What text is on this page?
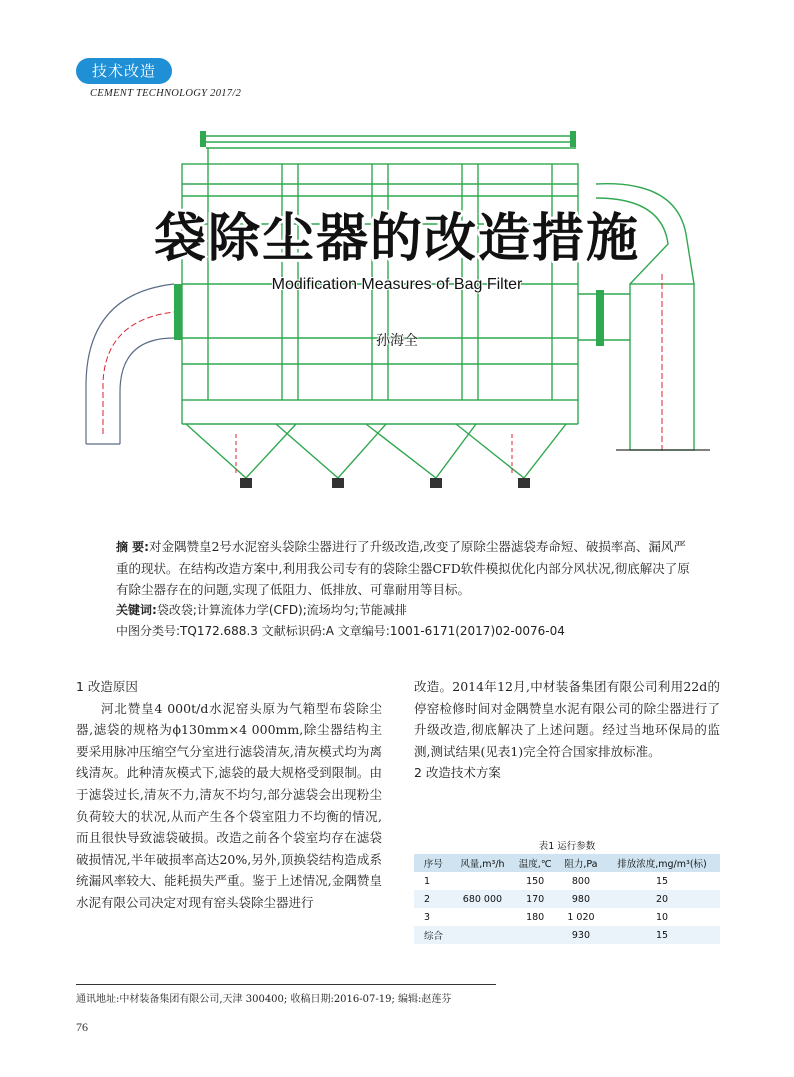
技术改造
CEMENT TECHNOLOGY 2017/2
袋除尘器的改造措施
Modification Measures of Bag Filter
孙海全

摘 要:对金隅赞皇2号水泥窑头袋除尘器进行了升级改造,改变了原除尘器滤袋寿命短、破损率高、漏风严重的现状。在结构改造方案中,利用我公司专有的袋除尘器CFD软件模拟优化内部分风状况,彻底解决了原有除尘器存在的问题,实现了低阻力、低排放、可靠耐用等目标。

关键词:袋改袋;计算流体力学(CFD);流场均匀;节能减排

中图分类号:TQ172.688.3 文献标识码:A 文章编号:1001-6171(2017)02-0076-04

1 改造原因

河北赞皇4 000t/d水泥窑头原为气箱型布袋除尘器,滤袋的规格为ϕ130mm×4 000mm,除尘器结构主要采用脉冲压缩空气分室进行滤袋清灰,清灰模式均为离线清灰。此种清灰模式下,滤袋的最大规格受到限制。由于滤袋过长,清灰不力,清灰不均匀,部分滤袋会出现粉尘负荷较大的状况,从而产生各个袋室阻力不均衡的情况,而且很快导致滤袋破损。改造之前各个袋室均存在滤袋破损情况,半年破损率高达20%,另外,顶换袋结构造成系统漏风率较大、能耗损失严重。鉴于上述情况,金隅赞皇水泥有限公司决定对现有窑头袋除尘器进行

改造。2014年12月,中材装备集团有限公司利用22d的停窑检修时间对金隅赞皇水泥有限公司的除尘器进行了升级改造,彻底解决了上述问题。经过当地环保局的监测,测试结果(见表1)完全符合国家排放标准。

2 改造技术方案

表1 运行参数
序号	风量,m³/h	温度,℃	阻力,Pa	排放浓度,mg/m³(标)
1		150	800	15
2	680 000	170	980	20
3		180	1 020	10
综合			930	15
通讯地址:中材装备集团有限公司,天津 300400; 收稿日期:2016-07-19; 编辑:赵莲芬
76
